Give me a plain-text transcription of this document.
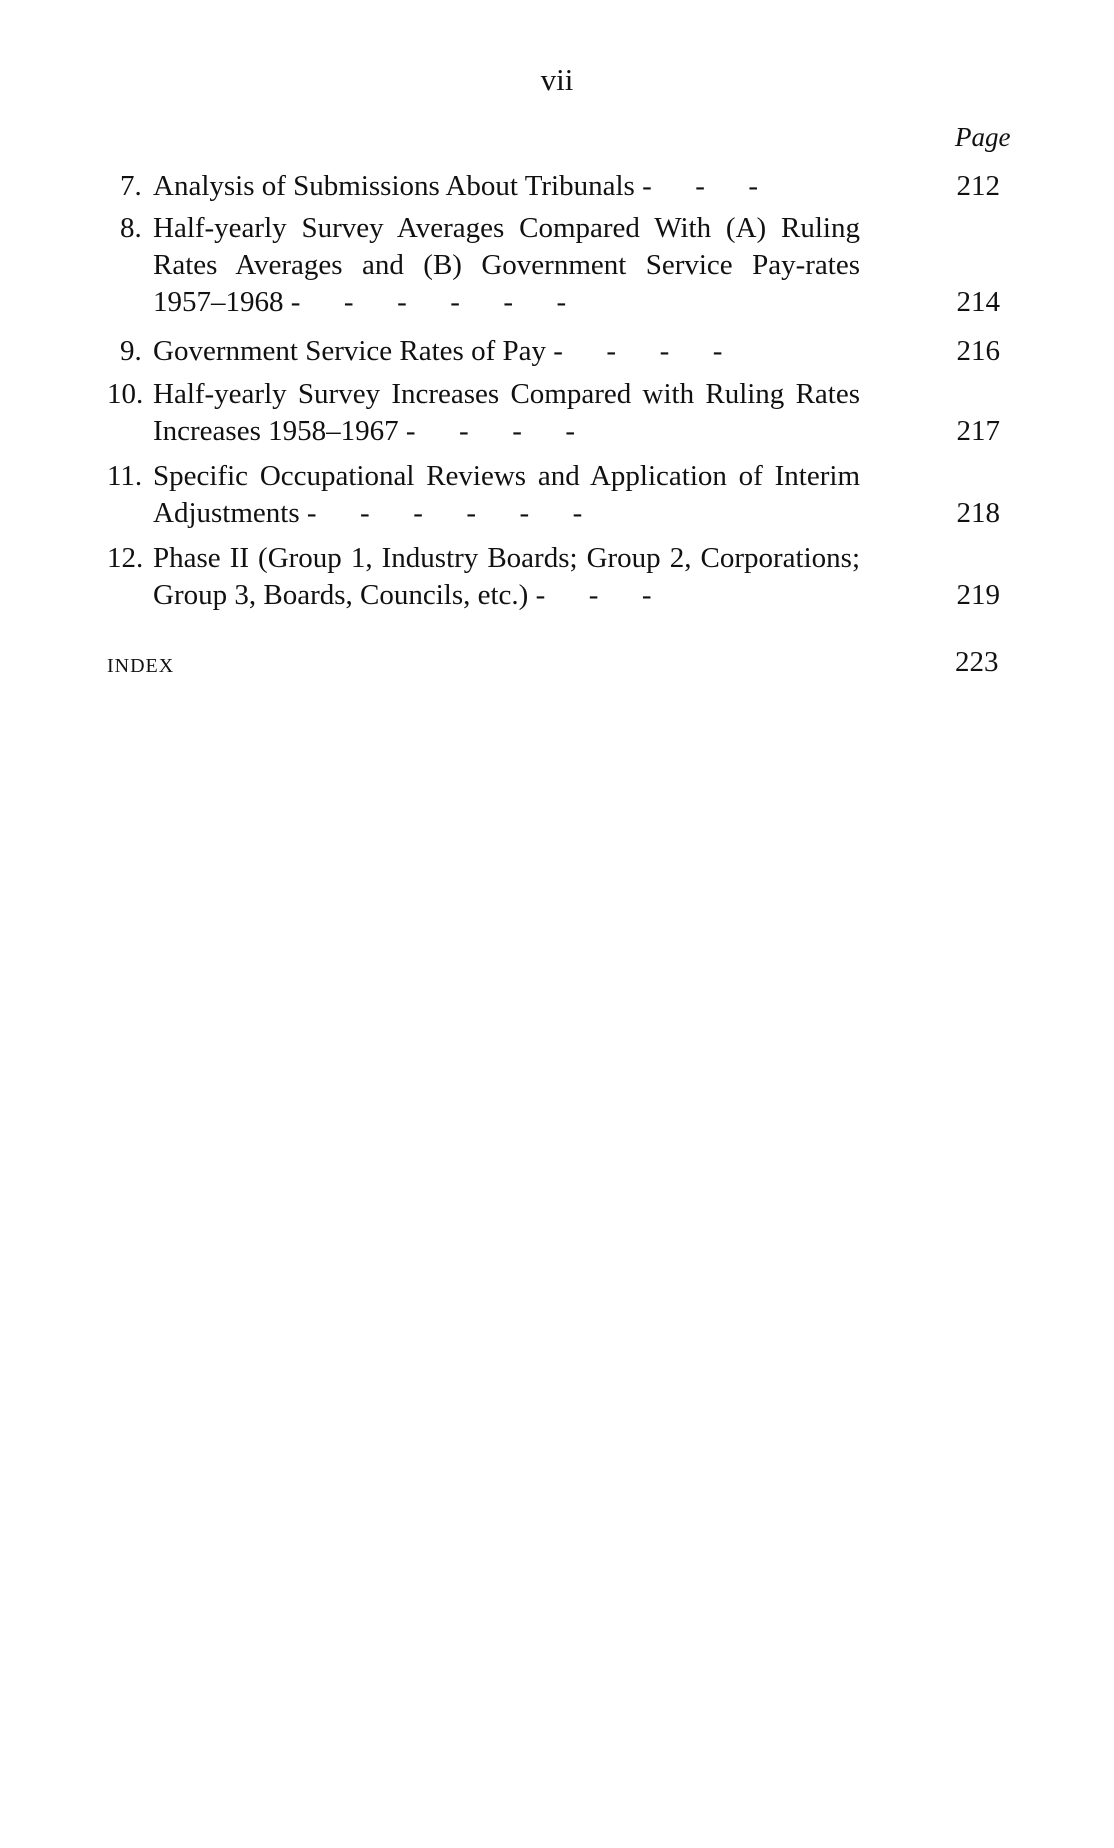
vii
Page
7. Analysis of Submissions About Tribunals -      -      -	212
8. Half-yearly Survey Averages Compared With (A) Ruling Rates Averages and (B) Government Service Pay-rates 1957–1968 -      -      -      -      -      -	214
9. Government Service Rates of Pay -      -      -      -	216
10. Half-yearly Survey Increases Compared with Ruling Rates Increases 1958–1967 -      -      -      -	217
11. Specific Occupational Reviews and Application of Interim Adjustments -      -      -      -      -      -	218
12. Phase II (Group 1, Industry Boards; Group 2, Corporations; Group 3, Boards, Councils, etc.) -      -      -	219
INDEX	223
